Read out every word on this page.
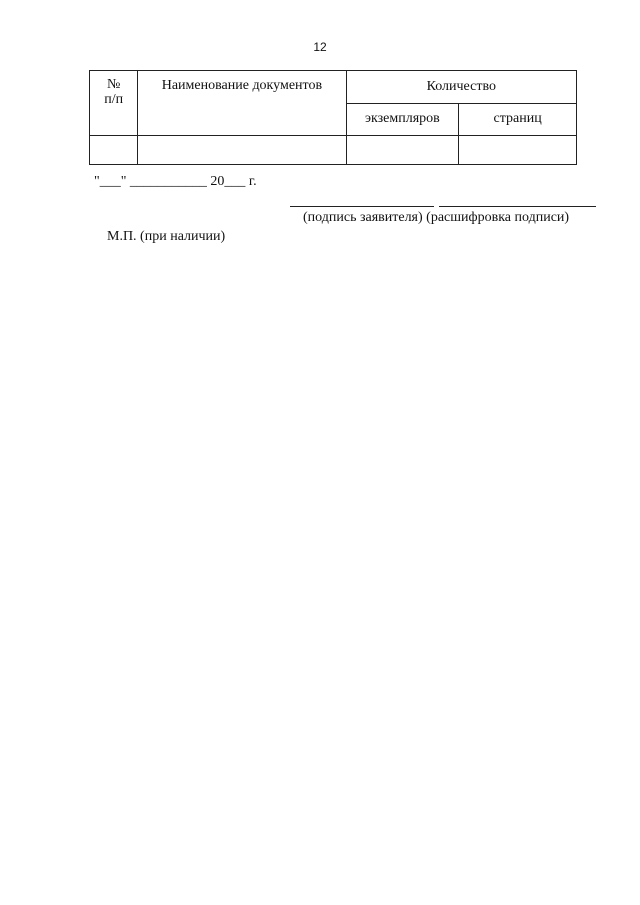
12
№
п/п	Наименование документов	Количество	
		экземпляров	страниц

"___" ___________ 20___ г.
(подпись заявителя) (расшифровка подписи)
М.П. (при наличии)
